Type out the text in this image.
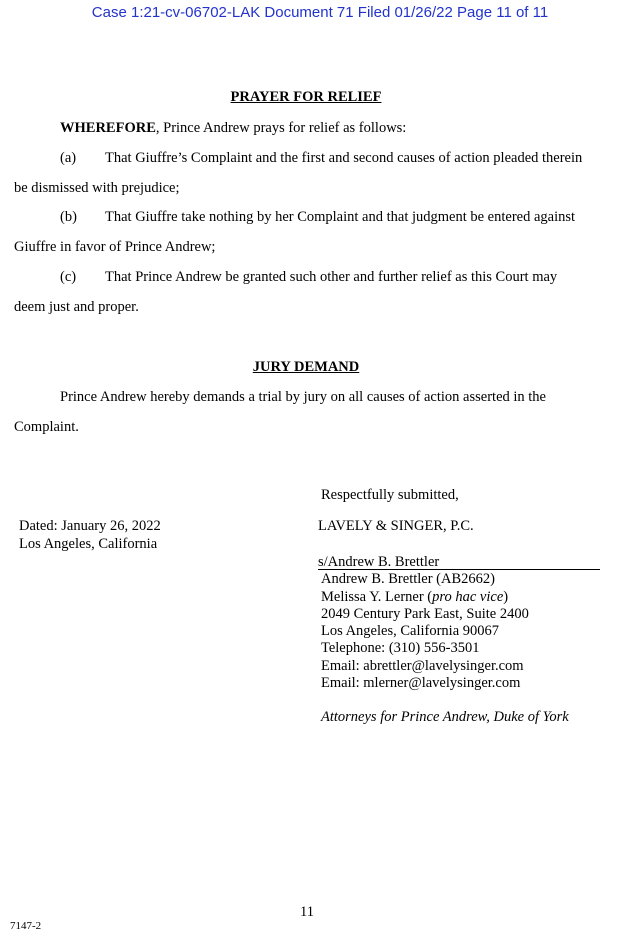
Case 1:21-cv-06702-LAK Document 71 Filed 01/26/22 Page 11 of 11
PRAYER FOR RELIEF
WHEREFORE, Prince Andrew prays for relief as follows:
(a) That Giuffre’s Complaint and the first and second causes of action pleaded therein
be dismissed with prejudice;
(b) That Giuffre take nothing by her Complaint and that judgment be entered against
Giuffre in favor of Prince Andrew;
(c) That Prince Andrew be granted such other and further relief as this Court may
deem just and proper.
JURY DEMAND
Prince Andrew hereby demands a trial by jury on all causes of action asserted in the
Complaint.
Respectfully submitted,
Dated: January 26, 2022
Los Angeles, California
LAVELY & SINGER, P.C.
s/Andrew B. Brettler
Andrew B. Brettler (AB2662)
Melissa Y. Lerner (pro hac vice)
2049 Century Park East, Suite 2400
Los Angeles, California 90067
Telephone: (310) 556-3501
Email: abrettler@lavelysinger.com
Email: mlerner@lavelysinger.com
Attorneys for Prince Andrew, Duke of York
11
7147-2
